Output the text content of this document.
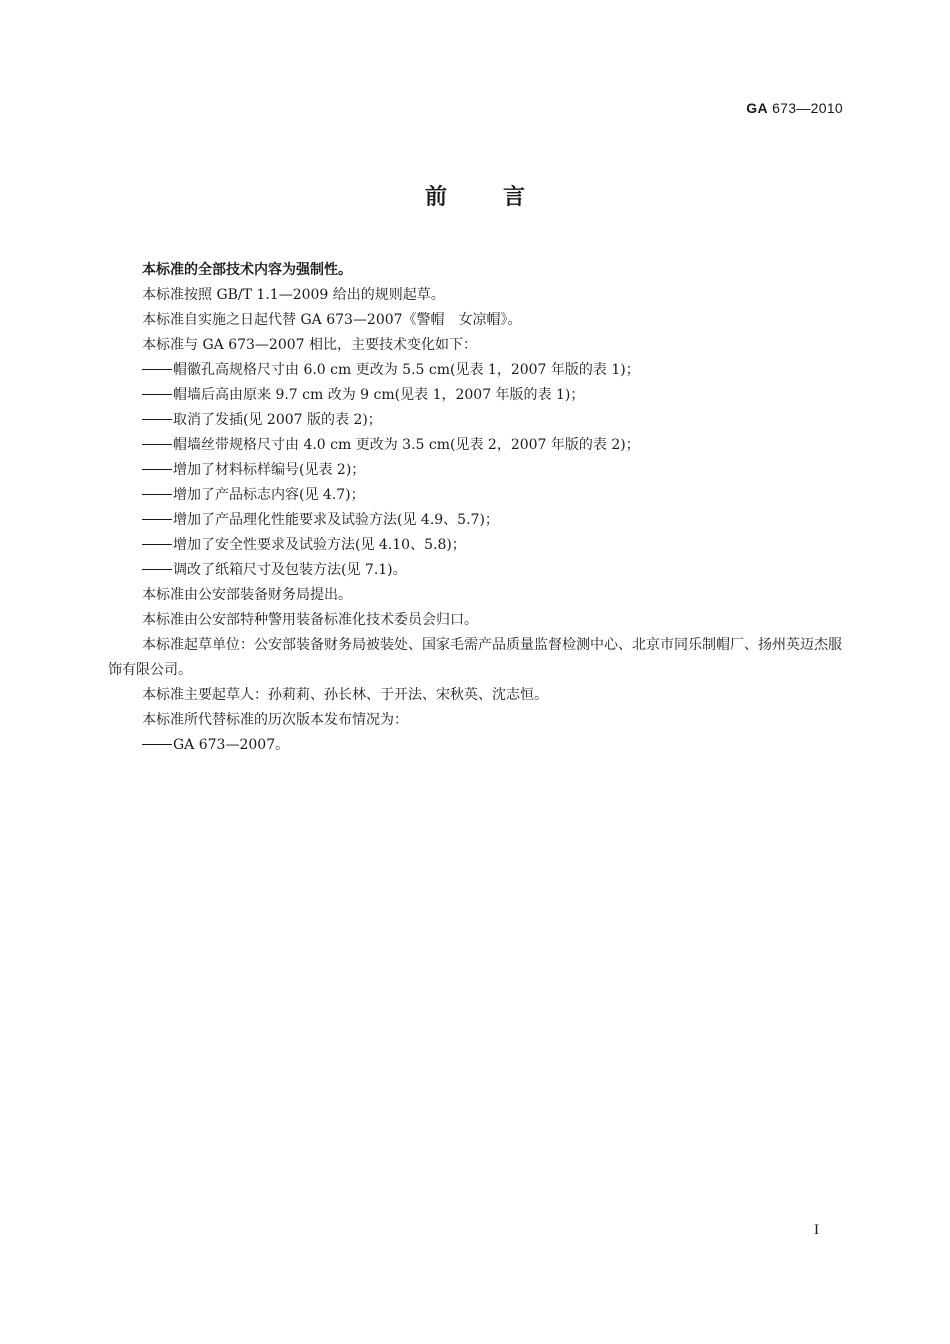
GA 673—2010
前言

本标准的全部技术内容为强制性。

本标准按照 GB/T 1.1—2009 给出的规则起草。

本标准自实施之日起代替 GA 673—2007《警帽　女凉帽》。

本标准与 GA 673—2007 相比，主要技术变化如下：

帽徽孔高规格尺寸由 6.0 cm 更改为 5.5 cm(见表 1，2007 年版的表 1)；

帽墙后高由原来 9.7 cm 改为 9 cm(见表 1，2007 年版的表 1)；

取消了发插(见 2007 版的表 2)；

帽墙丝带规格尺寸由 4.0 cm 更改为 3.5 cm(见表 2，2007 年版的表 2)；

增加了材料标样编号(见表 2)；

增加了产品标志内容(见 4.7)；

增加了产品理化性能要求及试验方法(见 4.9、5.7)；

增加了安全性要求及试验方法(见 4.10、5.8)；

调改了纸箱尺寸及包装方法(见 7.1)。

本标准由公安部装备财务局提出。

本标准由公安部特种警用装备标准化技术委员会归口。

本标准起草单位：公安部装备财务局被装处、国家毛需产品质量监督检测中心、北京市同乐制帽厂、扬州英迈杰服饰有限公司。

本标准主要起草人：孙莉莉、孙长林、于开法、宋秋英、沈志恒。

本标准所代替标准的历次版本发布情况为：

GA 673—2007。

I
